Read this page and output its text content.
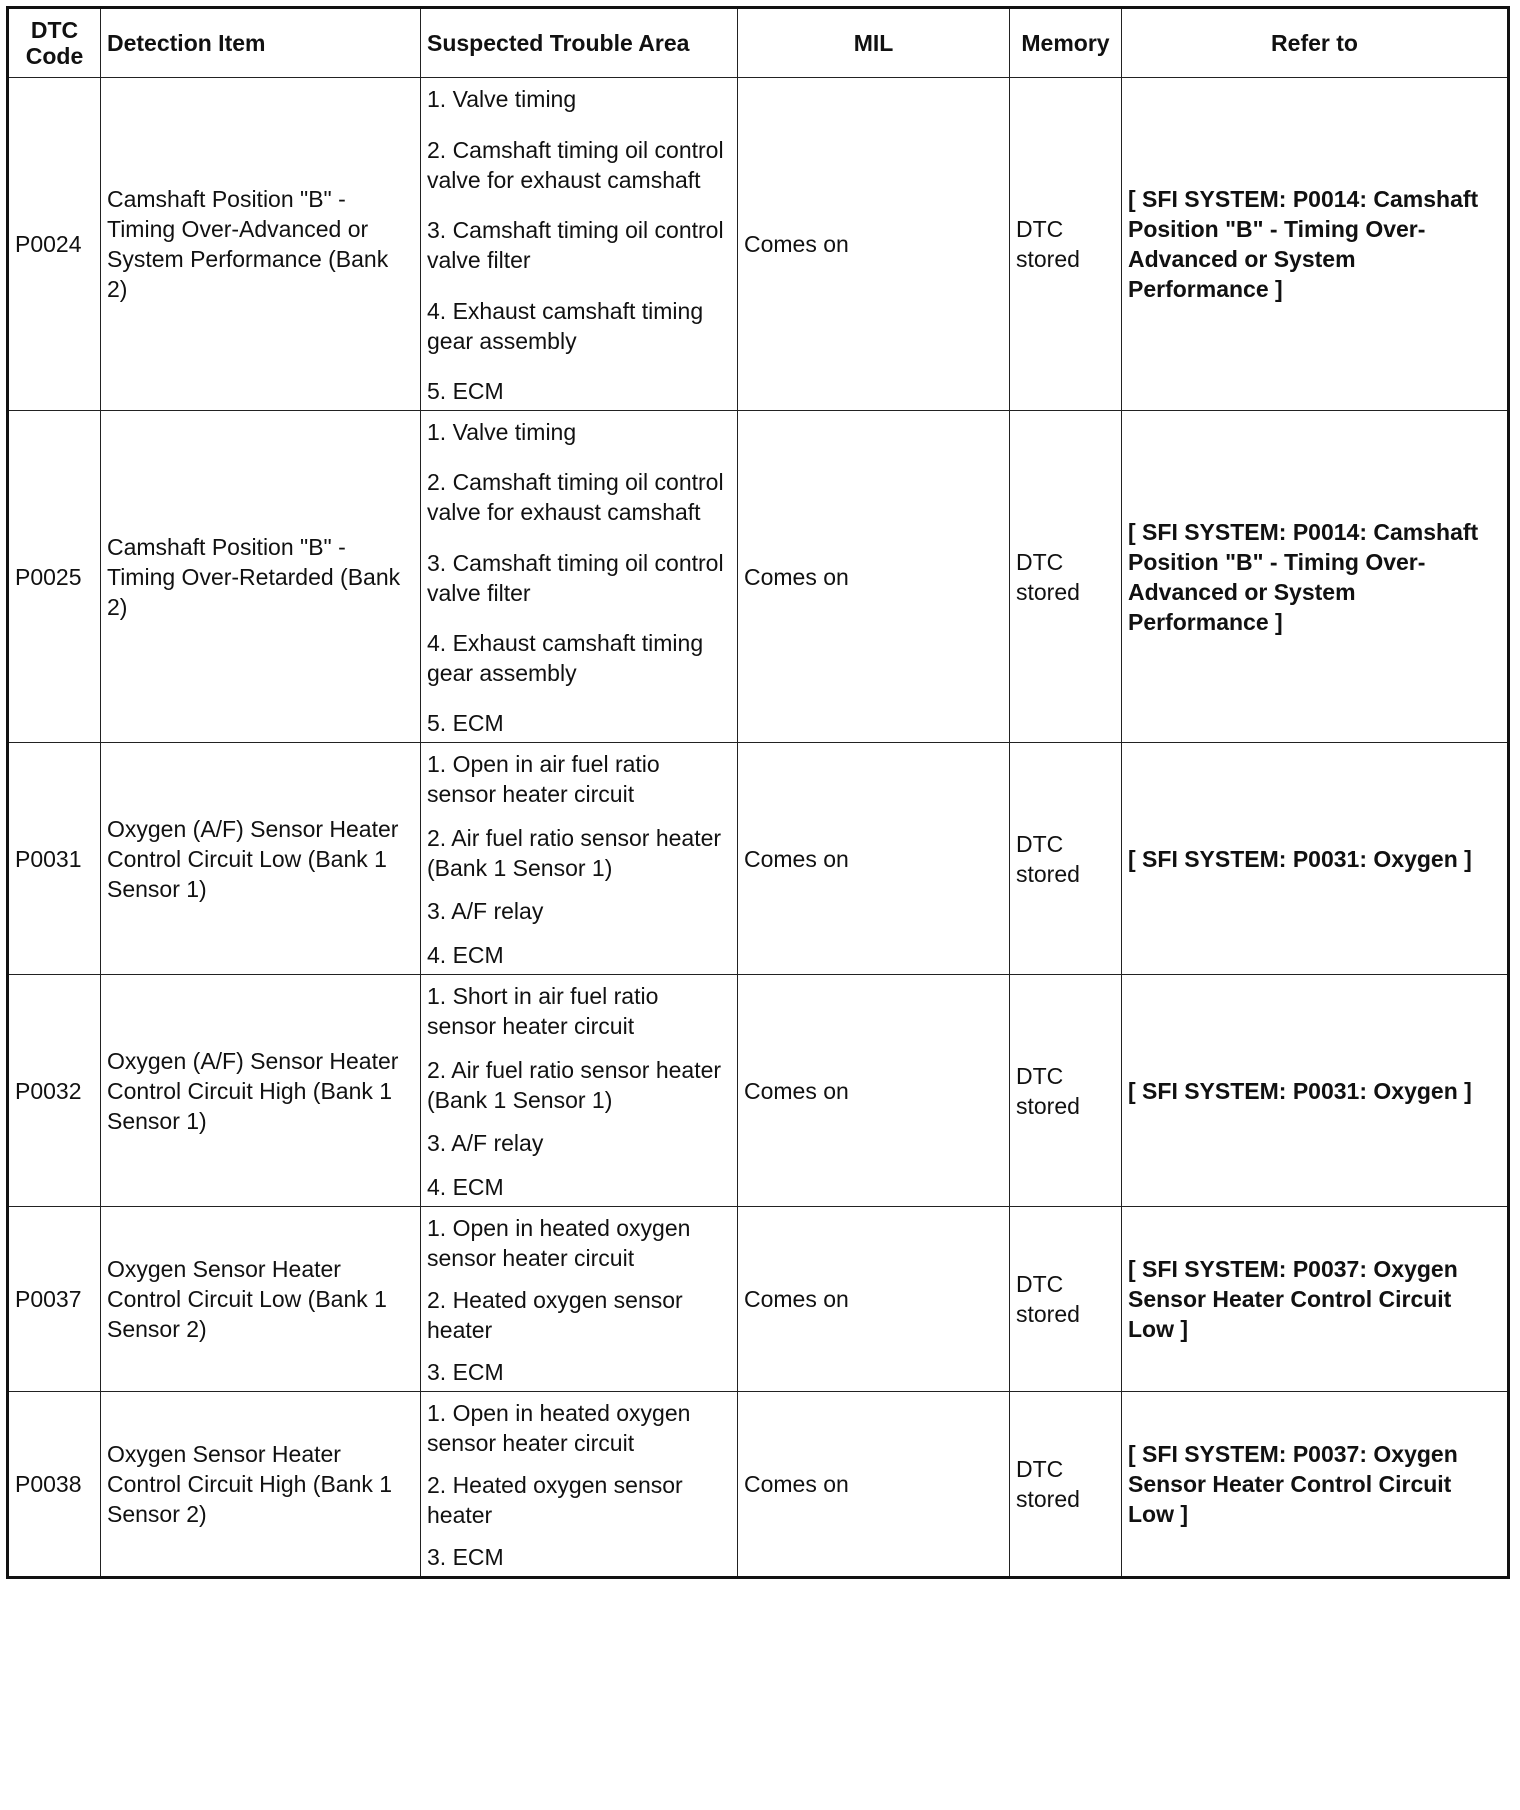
DTC
Code	Detection Item	Suspected Trouble Area	MIL	Memory	Refer to
P0024	Camshaft Position "B" - Timing Over-Advanced or System Performance (Bank 2)	1. Valve timing
2. Camshaft timing oil control valve for exhaust camshaft
3. Camshaft timing oil control valve filter
4. Exhaust camshaft timing gear assembly
5. ECM	Comes on	DTC stored	[ SFI SYSTEM: P0014: Camshaft Position "B" - Timing Over-Advanced or System Performance ]
P0025	Camshaft Position "B" - Timing Over-Retarded (Bank 2)	1. Valve timing
2. Camshaft timing oil control valve for exhaust camshaft
3. Camshaft timing oil control valve filter
4. Exhaust camshaft timing gear assembly
5. ECM	Comes on	DTC stored	[ SFI SYSTEM: P0014: Camshaft Position "B" - Timing Over-Advanced or System Performance ]
P0031	Oxygen (A/F) Sensor Heater Control Circuit Low (Bank 1 Sensor 1)	1. Open in air fuel ratio sensor heater circuit
2. Air fuel ratio sensor heater (Bank 1 Sensor 1)
3. A/F relay
4. ECM	Comes on	DTC stored	[ SFI SYSTEM: P0031: Oxygen ]
P0032	Oxygen (A/F) Sensor Heater Control Circuit High (Bank 1 Sensor 1)	1. Short in air fuel ratio sensor heater circuit
2. Air fuel ratio sensor heater (Bank 1 Sensor 1)
3. A/F relay
4. ECM	Comes on	DTC stored	[ SFI SYSTEM: P0031: Oxygen ]
P0037	Oxygen Sensor Heater Control Circuit Low (Bank 1 Sensor 2)	1. Open in heated oxygen sensor heater circuit
2. Heated oxygen sensor heater
3. ECM	Comes on	DTC stored	[ SFI SYSTEM: P0037: Oxygen Sensor Heater Control Circuit Low ]
P0038	Oxygen Sensor Heater Control Circuit High (Bank 1 Sensor 2)	1. Open in heated oxygen sensor heater circuit
2. Heated oxygen sensor heater
3. ECM	Comes on	DTC stored	[ SFI SYSTEM: P0037: Oxygen Sensor Heater Control Circuit Low ]
